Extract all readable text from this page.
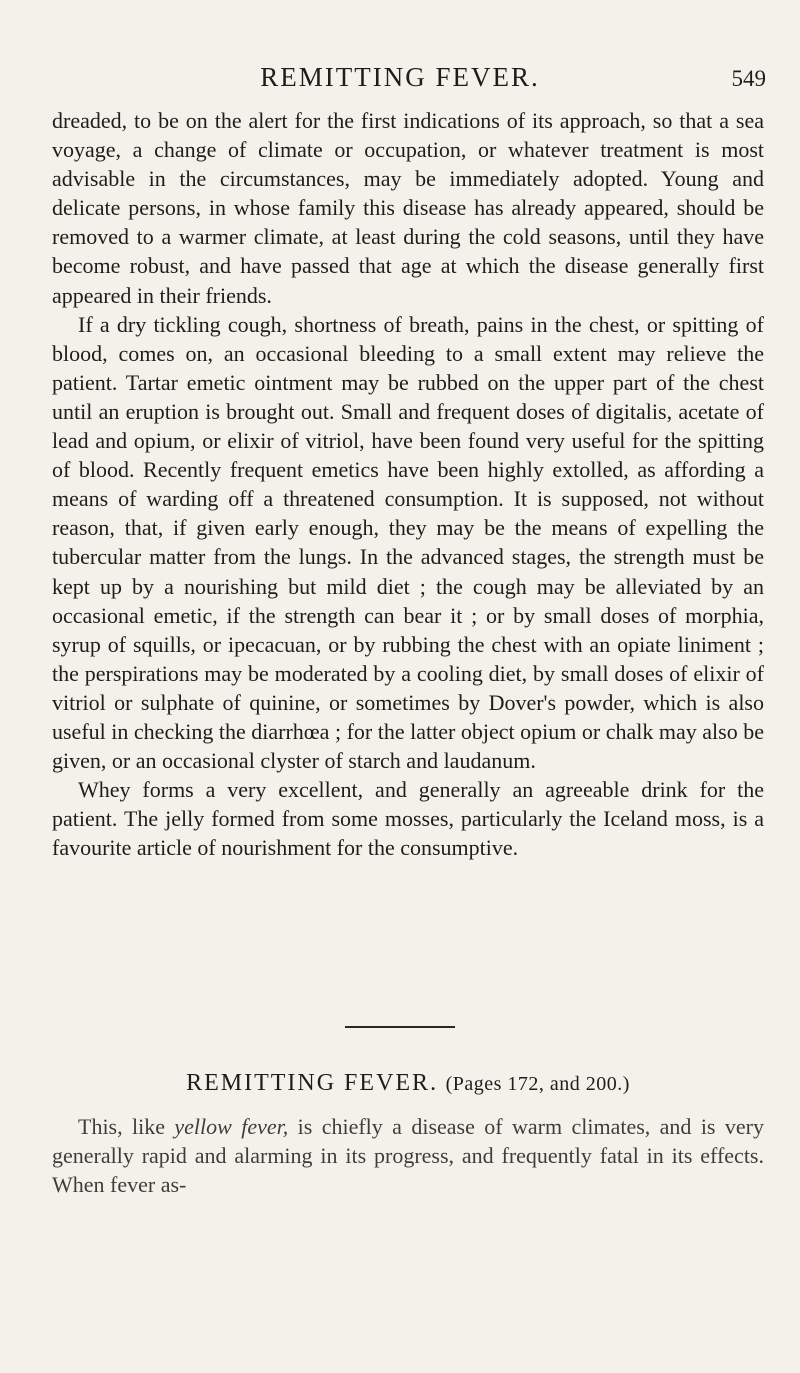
REMITTING FEVER.	549

dreaded, to be on the alert for the first indications of its approach, so that a sea voyage, a change of climate or occupation, or whatever treatment is most advisable in the circumstances, may be immediately adopted. Young and delicate persons, in whose family this disease has already appeared, should be removed to a warmer climate, at least during the cold seasons, until they have become robust, and have passed that age at which the disease generally first appeared in their friends.

If a dry tickling cough, shortness of breath, pains in the chest, or spitting of blood, comes on, an occasional bleeding to a small extent may relieve the patient. Tartar emetic ointment may be rubbed on the upper part of the chest until an eruption is brought out. Small and frequent doses of digitalis, acetate of lead and opium, or elixir of vitriol, have been found very useful for the spitting of blood. Recently frequent emetics have been highly extolled, as affording a means of warding off a threatened consumption. It is supposed, not without reason, that, if given early enough, they may be the means of expelling the tubercular matter from the lungs. In the advanced stages, the strength must be kept up by a nourishing but mild diet ; the cough may be alleviated by an occasional emetic, if the strength can bear it ; or by small doses of morphia, syrup of squills, or ipecacuan, or by rubbing the chest with an opiate liniment ; the perspirations may be moderated by a cooling diet, by small doses of elixir of vitriol or sulphate of quinine, or sometimes by Dover's powder, which is also useful in checking the diarrhœa ; for the latter object opium or chalk may also be given, or an occasional clyster of starch and laudanum.

Whey forms a very excellent, and generally an agreeable drink for the patient. The jelly formed from some mosses, particularly the Iceland moss, is a favourite article of nourishment for the consumptive.

REMITTING FEVER. (Pages 172, and 200.)

This, like yellow fever, is chiefly a disease of warm climates, and is very generally rapid and alarming in its progress, and frequently fatal in its effects. When fever as-
